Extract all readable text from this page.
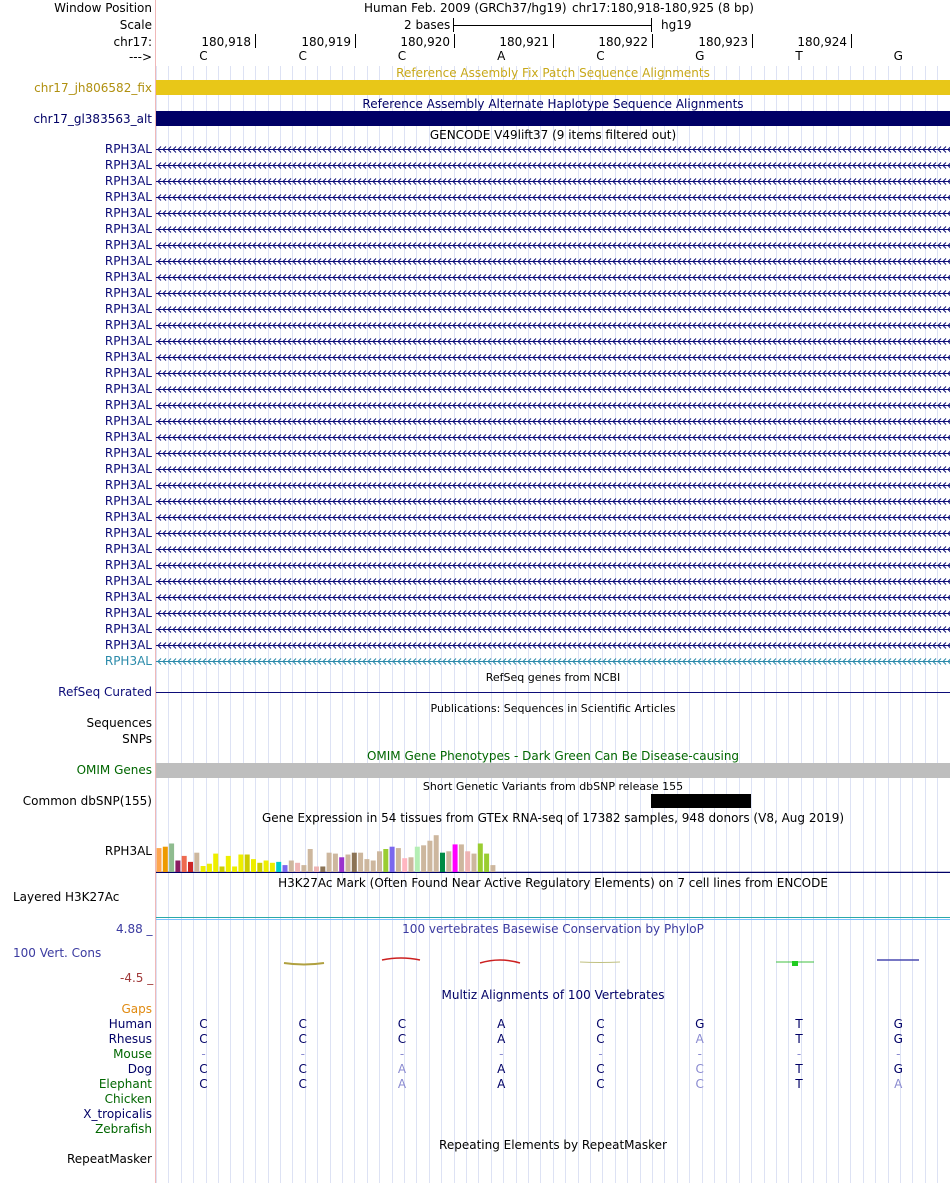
Window Position	Human Feb. 2009 (GRCh37/hg19) chr17:180,918-180,925 (8 bp)
Scale	2 bases	hg19
chr17:	180,918	180,919	180,920	180,921	180,922	180,923	180,924
--->	C	C	C	A	C	G	T	G
Reference Assembly Fix Patch Sequence Alignments
chr17_jh806582_fix
Reference Assembly Alternate Haplotype Sequence Alignments
chr17_gl383563_alt
GENCODE V49lift37 (9 items filtered out)
RPH3AL
RPH3AL
RPH3AL
RPH3AL
RPH3AL
RPH3AL
RPH3AL
RPH3AL
RPH3AL
RPH3AL
RPH3AL
RPH3AL
RPH3AL
RPH3AL
RPH3AL
RPH3AL
RPH3AL
RPH3AL
RPH3AL
RPH3AL
RPH3AL
RPH3AL
RPH3AL
RPH3AL
RPH3AL
RPH3AL
RPH3AL
RPH3AL
RPH3AL
RPH3AL
RPH3AL
RPH3AL
RPH3AL
RefSeq genes from NCBI
RefSeq Curated
Publications: Sequences in Scientific Articles
Sequences
SNPs
OMIM Gene Phenotypes - Dark Green Can Be Disease-causing
OMIM Genes
Short Genetic Variants from dbSNP release 155
Common dbSNP(155)
Gene Expression in 54 tissues from GTEx RNA-seq of 17382 samples, 948 donors (V8, Aug 2019)
RPH3AL
H3K27Ac Mark (Often Found Near Active Regulatory Elements) on 7 cell lines from ENCODE
Layered H3K27Ac
4.88 _	100 vertebrates Basewise Conservation by PhyloP
100 Vert. Cons
-4.5 _
Multiz Alignments of 100 Vertebrates
Gaps
Human	C	C	C	A	C	G	T	G
Rhesus	C	C	C	A	C	A	T	G
Mouse	-	-	-	-	-	-	-	-
Dog	C	C	A	A	C	C	T	G
Elephant	C	C	A	A	C	C	T	A
Chicken
X_tropicalis
Zebrafish
Repeating Elements by RepeatMasker
RepeatMasker
